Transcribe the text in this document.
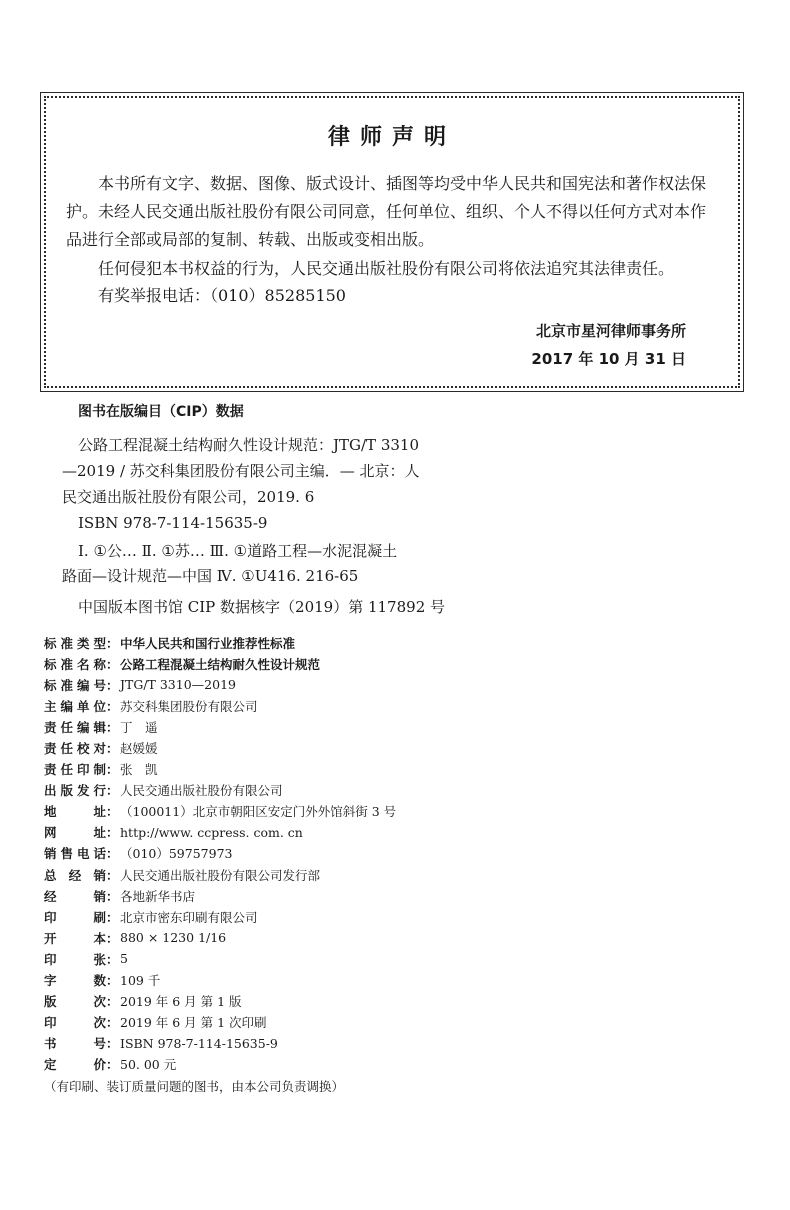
律师声明
本书所有文字、数据、图像、版式设计、插图等均受中华人民共和国宪法和著作权法保护。未经人民交通出版社股份有限公司同意，任何单位、组织、个人不得以任何方式对本作品进行全部或局部的复制、转载、出版或变相出版。
任何侵犯本书权益的行为，人民交通出版社股份有限公司将依法追究其法律责任。
有奖举报电话：（010）85285150
北京市星河律师事务所
2017 年 10 月 31 日
图书在版编目（CIP）数据
公路工程混凝土结构耐久性设计规范：JTG/T 3310
—2019 / 苏交科集团股份有限公司主编．— 北京：人
民交通出版社股份有限公司，2019. 6
ISBN 978-7-114-15635-9
Ⅰ. ①公… Ⅱ. ①苏… Ⅲ. ①道路工程—水泥混凝土
路面—设计规范—中国 Ⅳ. ①U416. 216-65
中国版本图书馆 CIP 数据核字（2019）第 117892 号
标准类型 ： 中华人民共和国行业推荐性标准
标准名称 ： 公路工程混凝土结构耐久性设计规范
标准编号 ： JTG/T 3310—2019
主编单位 ： 苏交科集团股份有限公司
责任编辑 ： 丁　遥
责任校对 ： 赵媛媛
责任印制 ： 张　凯
出版发行 ： 人民交通出版社股份有限公司
地址 ： （100011）北京市朝阳区安定门外外馆斜街 3 号
网址 ： http://www. ccpress. com. cn
销售电话 ： （010）59757973
总经销 ： 人民交通出版社股份有限公司发行部
经销 ： 各地新华书店
印刷 ： 北京市密东印刷有限公司
开本 ： 880 × 1230 1/16
印张 ： 5
字数 ： 109 千
版次 ： 2019 年 6 月 第 1 版
印次 ： 2019 年 6 月 第 1 次印刷
书号 ： ISBN 978-7-114-15635-9
定价 ： 50. 00 元
（有印刷、装订质量问题的图书，由本公司负责调换）
